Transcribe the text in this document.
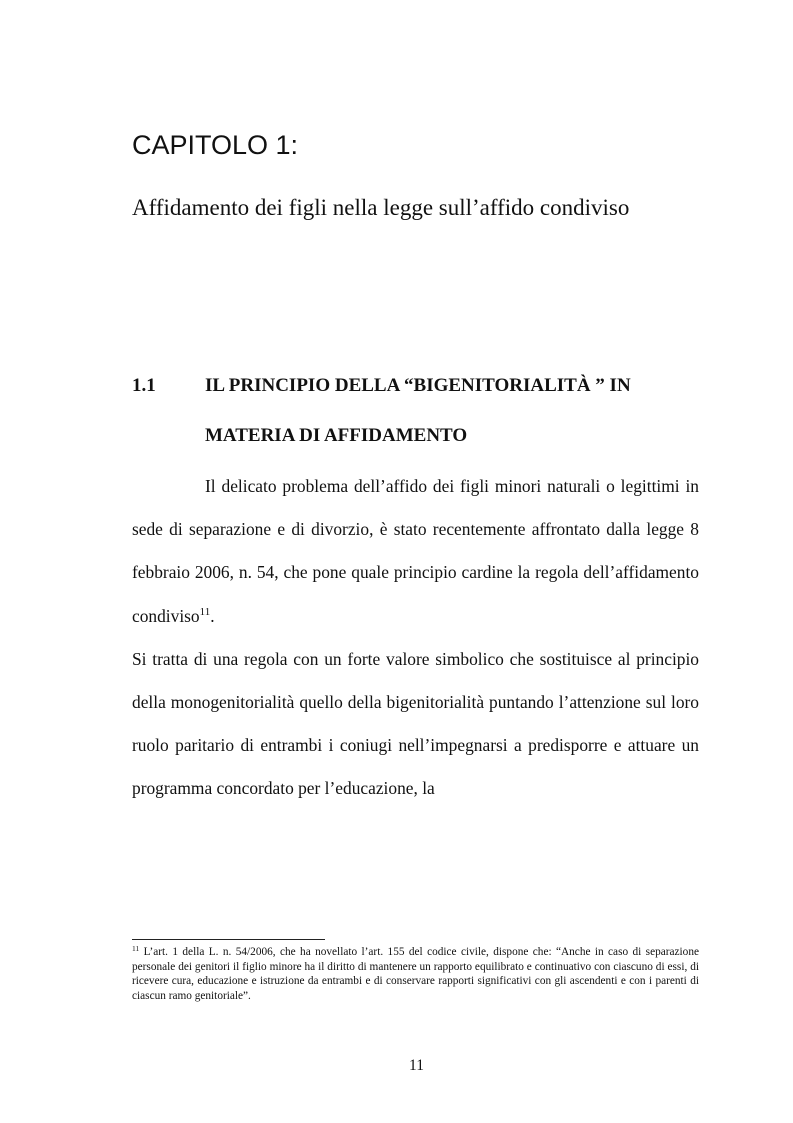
CAPITOLO 1:
Affidamento dei figli nella legge sull’affido condiviso
1.1	IL PRINCIPIO DELLA “BIGENITORIALITÀ ” IN
MATERIA DI AFFIDAMENTO

Il delicato problema dell’affido dei figli minori naturali o legittimi in sede di separazione e di divorzio, è stato recentemente affrontato dalla legge 8 febbraio 2006, n. 54, che pone quale principio cardine la regola dell’affidamento condiviso$^{11}$.

Si tratta di una regola con un forte valore simbolico che sostituisce al principio della monogenitorialità quello della bigenitorialità puntando l’attenzione sul loro ruolo paritario di entrambi i coniugi nell’impegnarsi a predisporre e attuare un programma concordato per l’educazione, la

$^{11}$ L’art. 1 della L. n. 54/2006, che ha novellato l’art. 155 del codice civile, dispone che: “Anche in caso di separazione personale dei genitori il figlio minore ha il diritto di mantenere un rapporto equilibrato e continuativo con ciascuno di essi, di ricevere cura, educazione e istruzione da entrambi e di conservare rapporti significativi con gli ascendenti e con i parenti di ciascun ramo genitoriale”.

11
